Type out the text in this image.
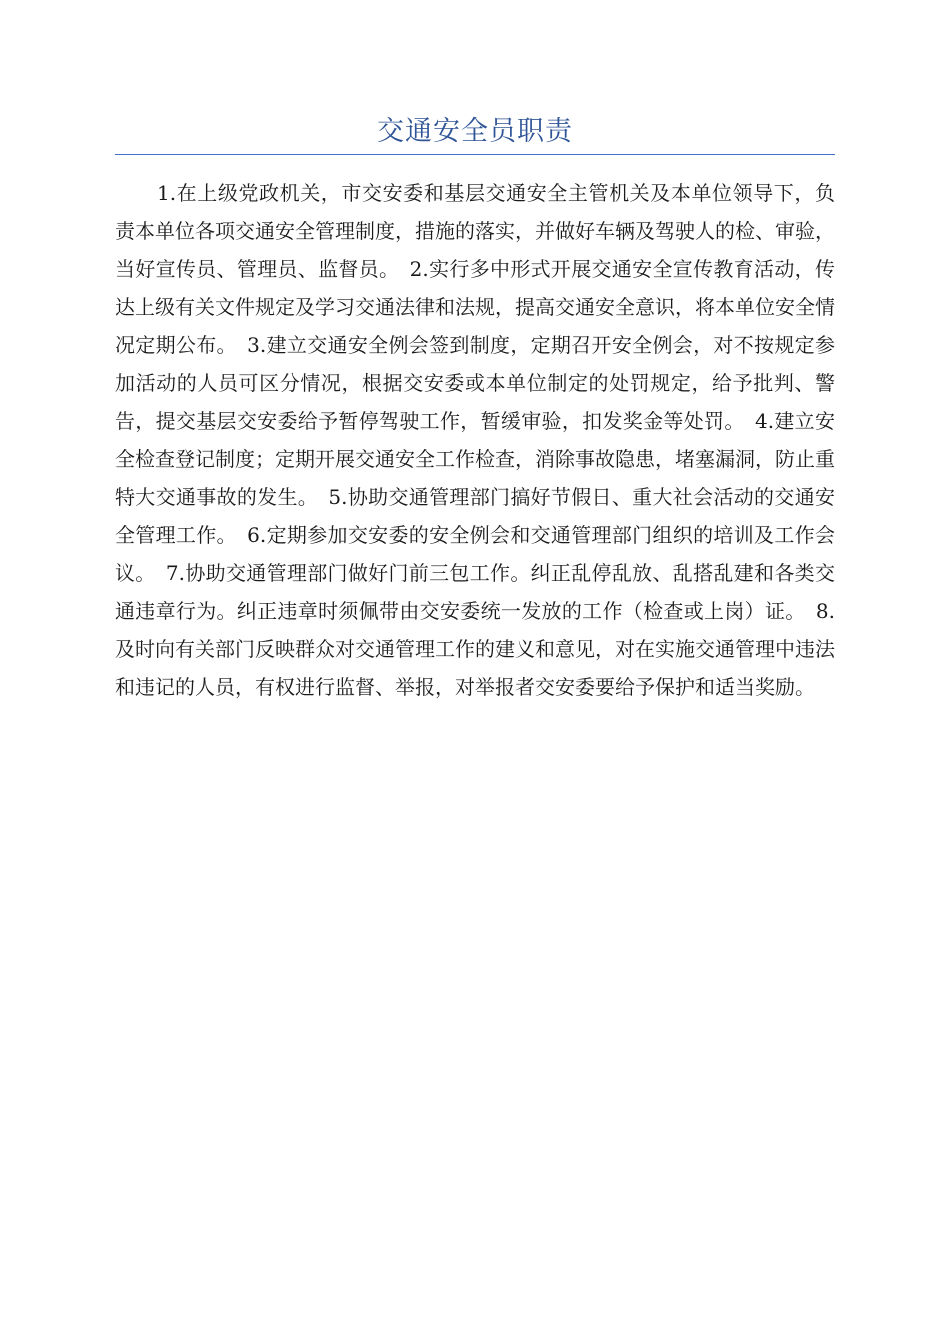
交通安全员职责

1.在上级党政机关，市交安委和基层交通安全主管机关及本单位领导下，负责本单位各项交通安全管理制度，措施的落实，并做好车辆及驾驶人的检、审验，当好宣传员、管理员、监督员。　2.实行多中形式开展交通安全宣传教育活动，传达上级有关文件规定及学习交通法律和法规，提高交通安全意识，将本单位安全情况定期公布。　3.建立交通安全例会签到制度，定期召开安全例会，对不按规定参加活动的人员可区分情况，根据交安委或本单位制定的处罚规定，给予批判、警告，提交基层交安委给予暂停驾驶工作，暂缓审验，扣发奖金等处罚。　4.建立安全检查登记制度；定期开展交通安全工作检查，消除事故隐患，堵塞漏洞，防止重特大交通事故的发生。　5.协助交通管理部门搞好节假日、重大社会活动的交通安全管理工作。　6.定期参加交安委的安全例会和交通管理部门组织的培训及工作会议。　7.协助交通管理部门做好门前三包工作。纠正乱停乱放、乱搭乱建和各类交通违章行为。纠正违章时须佩带由交安委统一发放的工作（检查或上岗）证。　8.及时向有关部门反映群众对交通管理工作的建义和意见，对在实施交通管理中违法和违记的人员，有权进行监督、举报，对举报者交安委要给予保护和适当奖励。
